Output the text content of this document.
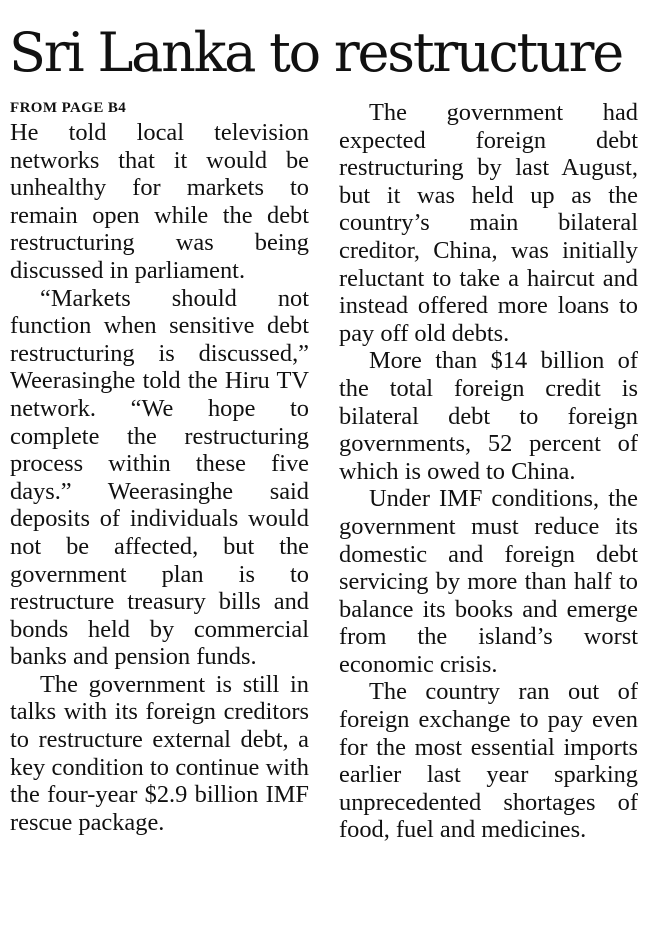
Sri Lanka to restructure
FROM PAGE B4

He told local television networks that it would be unhealthy for markets to remain open while the debt restructuring was being discussed in parliament.

“Markets should not function when sensitive debt restructuring is discussed,” Weerasinghe told the Hiru TV network. “We hope to complete the restructuring process within these five days.” Weerasinghe said deposits of individuals would not be affected, but the government plan is to restructure treasury bills and bonds held by commercial banks and pension funds.

The government is still in talks with its foreign creditors to restructure external debt, a key condition to continue with the four-year $2.9 billion IMF rescue package.

The government had expected foreign debt restructuring by last August, but it was held up as the country’s main bilateral creditor, China, was initially reluctant to take a haircut and instead offered more loans to pay off old debts.

More than $14 billion of the total foreign credit is bilateral debt to foreign governments, 52 percent of which is owed to China.

Under IMF conditions, the government must reduce its domestic and foreign debt servicing by more than half to balance its books and emerge from the island’s worst economic crisis.

The country ran out of foreign exchange to pay even for the most essential imports earlier last year sparking unprecedented shortages of food, fuel and medicines.
